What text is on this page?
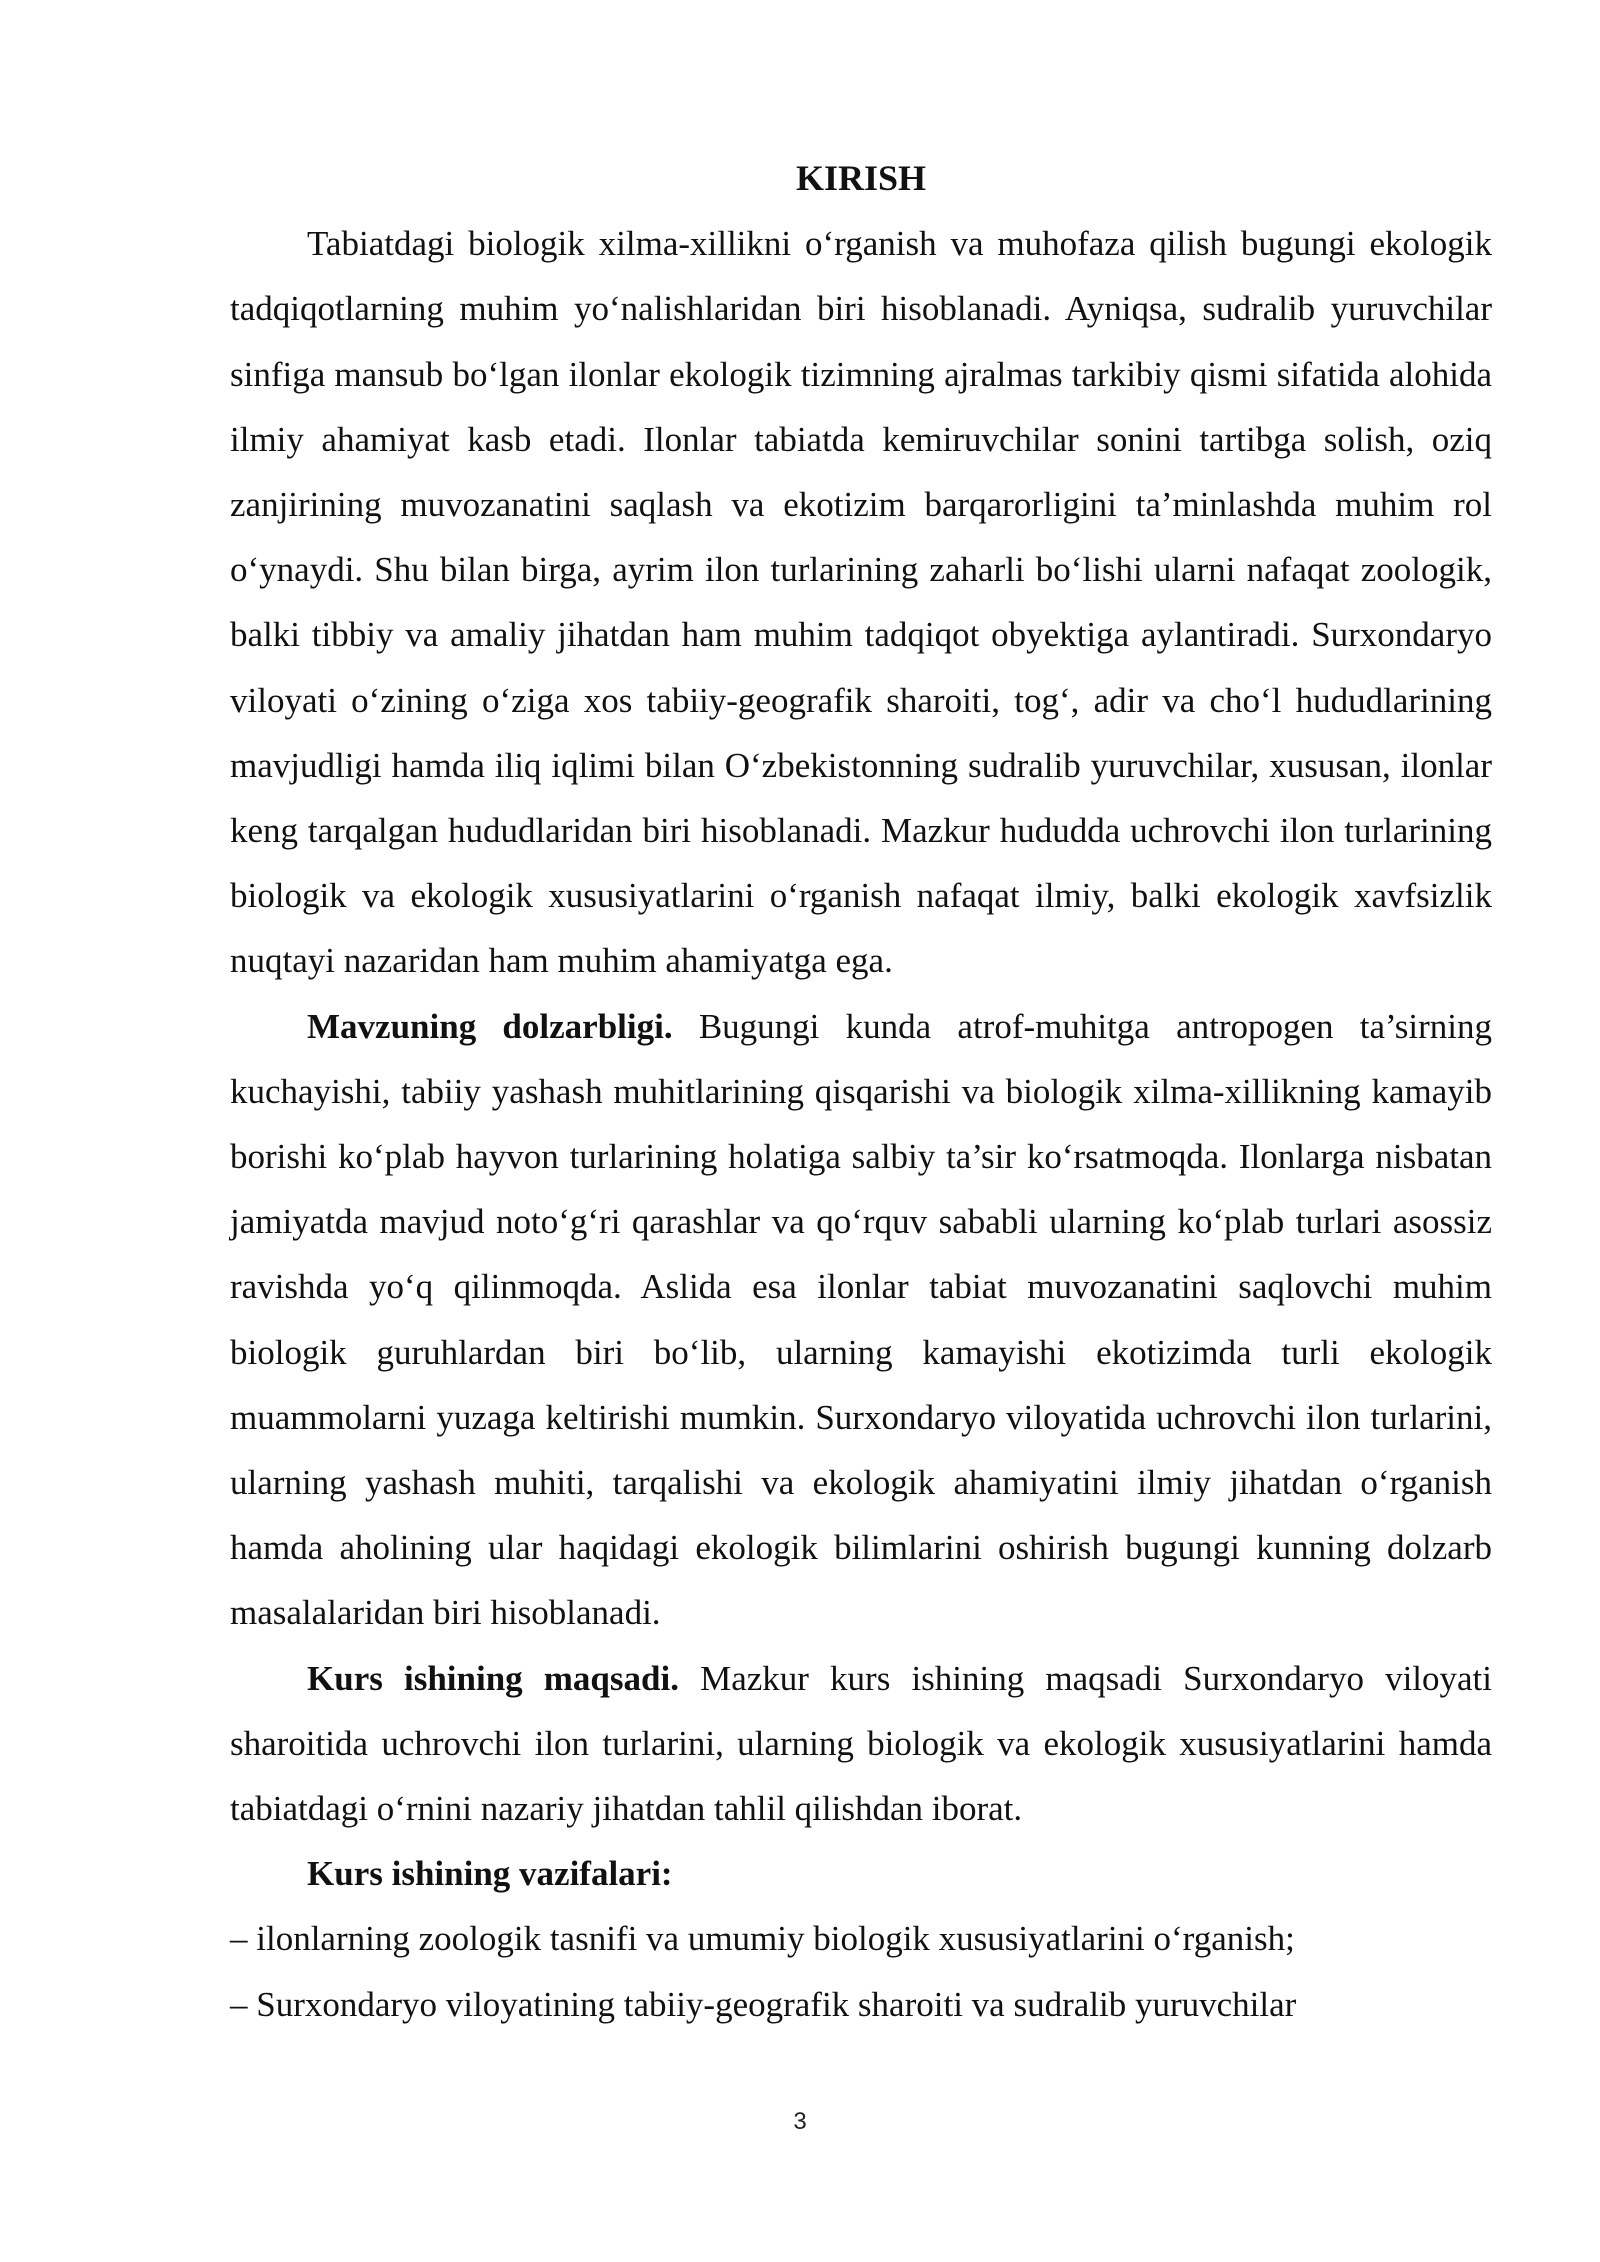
KIRISH

Tabiatdagi biologik xilma-xillikni o‘rganish va muhofaza qilish bugungi ekologik tadqiqotlarning muhim yo‘nalishlaridan biri hisoblanadi. Ayniqsa, sudralib yuruvchilar sinfiga mansub bo‘lgan ilonlar ekologik tizimning ajralmas tarkibiy qismi sifatida alohida ilmiy ahamiyat kasb etadi. Ilonlar tabiatda kemiruvchilar sonini tartibga solish, oziq zanjirining muvozanatini saqlash va ekotizim barqarorligini ta’minlashda muhim rol o‘ynaydi. Shu bilan birga, ayrim ilon turlarining zaharli bo‘lishi ularni nafaqat zoologik, balki tibbiy va amaliy jihatdan ham muhim tadqiqot obyektiga aylantiradi. Surxondaryo viloyati o‘zining o‘ziga xos tabiiy-geografik sharoiti, tog‘, adir va cho‘l hududlarining mavjudligi hamda iliq iqlimi bilan O‘zbekistonning sudralib yuruvchilar, xususan, ilonlar keng tarqalgan hududlaridan biri hisoblanadi. Mazkur hududda uchrovchi ilon turlarining biologik va ekologik xususiyatlarini o‘rganish nafaqat ilmiy, balki ekologik xavfsizlik nuqtayi nazaridan ham muhim ahamiyatga ega.

Mavzuning dolzarbligi. Bugungi kunda atrof-muhitga antropogen ta’sirning kuchayishi, tabiiy yashash muhitlarining qisqarishi va biologik xilma-xillikning kamayib borishi ko‘plab hayvon turlarining holatiga salbiy ta’sir ko‘rsatmoqda. Ilonlarga nisbatan jamiyatda mavjud noto‘g‘ri qarashlar va qo‘rquv sababli ularning ko‘plab turlari asossiz ravishda yo‘q qilinmoqda. Aslida esa ilonlar tabiat muvozanatini saqlovchi muhim biologik guruhlardan biri bo‘lib, ularning kamayishi ekotizimda turli ekologik muammolarni yuzaga keltirishi mumkin. Surxondaryo viloyatida uchrovchi ilon turlarini, ularning yashash muhiti, tarqalishi va ekologik ahamiyatini ilmiy jihatdan o‘rganish hamda aholining ular haqidagi ekologik bilimlarini oshirish bugungi kunning dolzarb masalalaridan biri hisoblanadi.

Kurs ishining maqsadi. Mazkur kurs ishining maqsadi Surxondaryo viloyati sharoitida uchrovchi ilon turlarini, ularning biologik va ekologik xususiyatlarini hamda tabiatdagi o‘rnini nazariy jihatdan tahlil qilishdan iborat.

Kurs ishining vazifalari:

– ilonlarning zoologik tasnifi va umumiy biologik xususiyatlarini o‘rganish;

– Surxondaryo viloyatining tabiiy-geografik sharoiti va sudralib yuruvchilar

3
